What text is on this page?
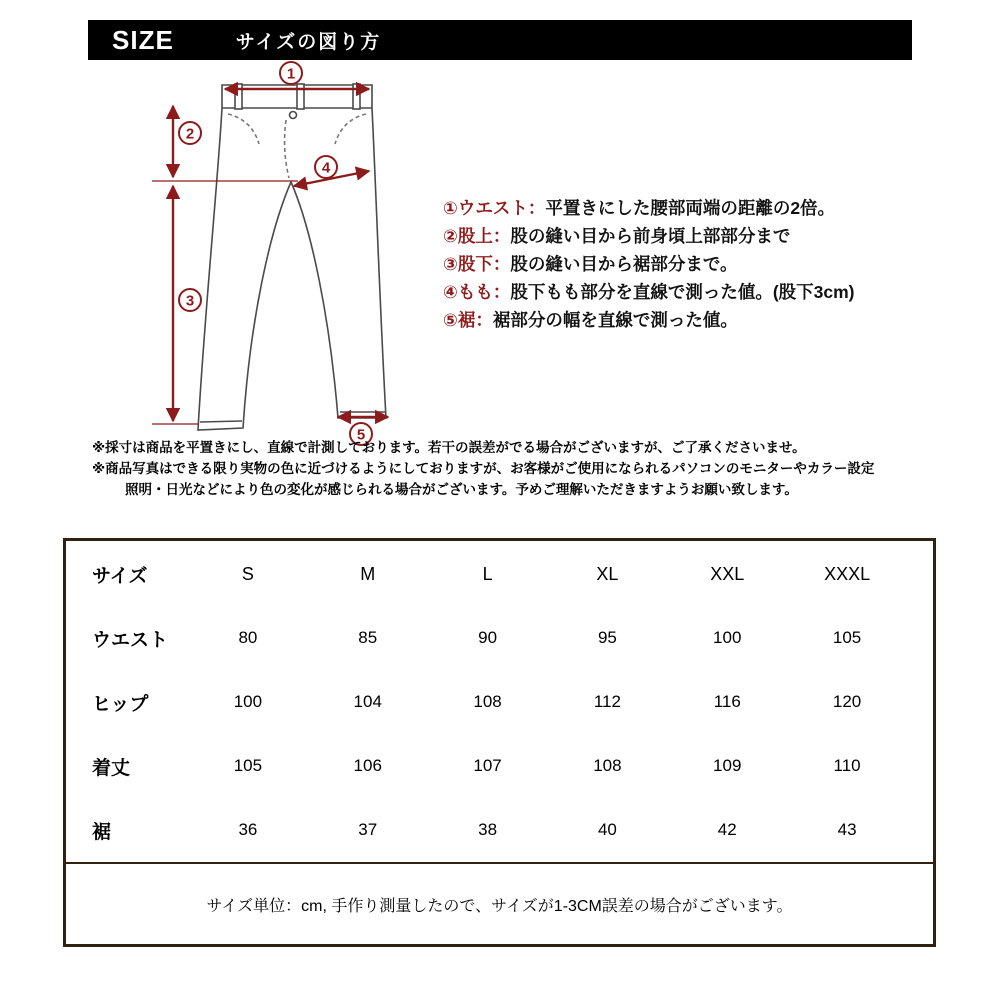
SIZE	サイズの図り方
1
2
3
4
5
①ウエスト：平置きにした腰部両端の距離の2倍。
②股上：股の縫い目から前身頃上部部分まで
③股下：股の縫い目から裾部分まで。
④もも：股下もも部分を直線で測った値。(股下3cm)
⑤裾：裾部分の幅を直線で測った値。
※採寸は商品を平置きにし、直線で計測しております。若干の誤差がでる場合がございますが、ご了承くださいませ。
※商品写真はできる限り実物の色に近づけるようにしておりますが、お客様がご使用になられるパソコンのモニターやカラー設定
照明・日光などにより色の変化が感じられる場合がございます。予めご理解いただきますようお願い致します。
サイズ	S	M	L	XL	XXL	XXXL
ウエスト	80	85	90	95	100	105
ヒップ	100	104	108	112	116	120
着丈	105	106	107	108	109	110
裾	36	37	38	40	42	43
サイズ単位：cm, 手作り測量したので、サイズが1-3CM誤差の場合がございます。
